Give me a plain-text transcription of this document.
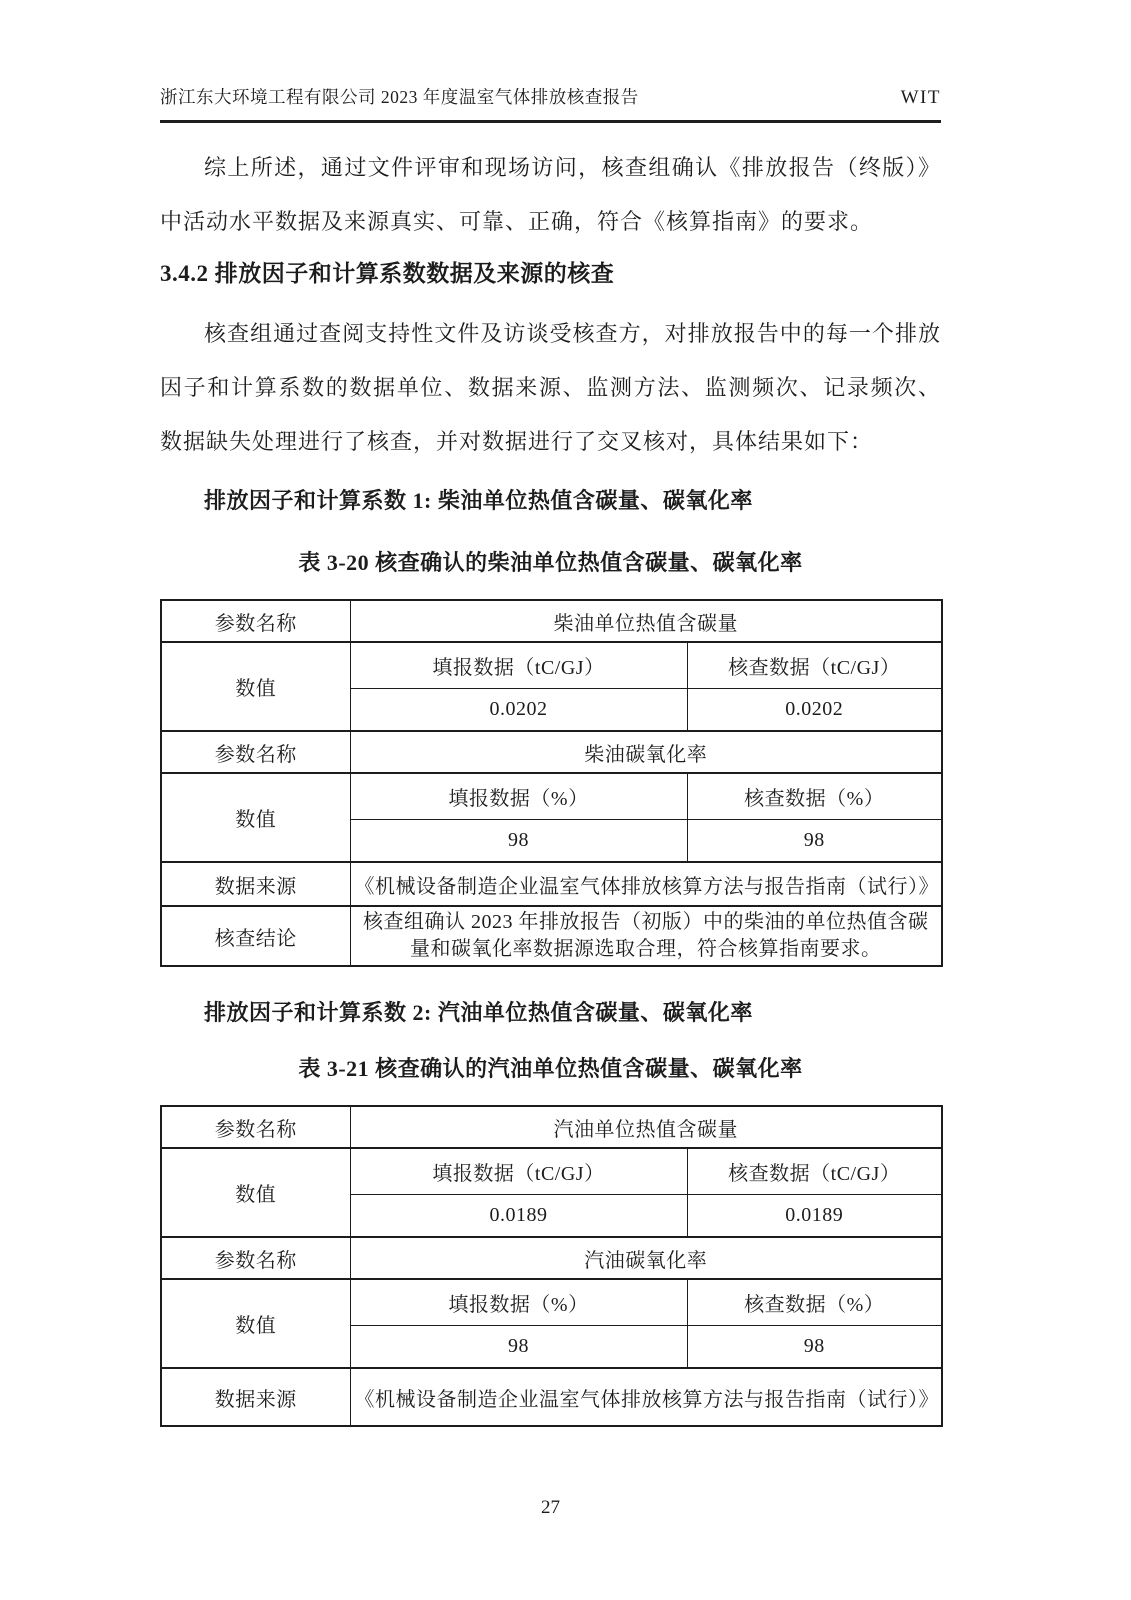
浙江东大环境工程有限公司 2023 年度温室气体排放核查报告	WIT

综上所述，通过文件评审和现场访问，核查组确认《排放报告（终版）》中活动水平数据及来源真实、可靠、正确，符合《核算指南》的要求。

3.4.2 排放因子和计算系数数据及来源的核查

核查组通过查阅支持性文件及访谈受核查方，对排放报告中的每一个排放因子和计算系数的数据单位、数据来源、监测方法、监测频次、记录频次、数据缺失处理进行了核查，并对数据进行了交叉核对，具体结果如下：

排放因子和计算系数 1: 柴油单位热值含碳量、碳氧化率

表 3-20 核查确认的柴油单位热值含碳量、碳氧化率

参数名称	柴油单位热值含碳量	
数值	填报数据（tC/GJ）	核查数据（tC/GJ）
	0.0202	0.0202
参数名称	柴油碳氧化率	
数值	填报数据（%）	核查数据（%）
	98	98
数据来源	《机械设备制造企业温室气体排放核算方法与报告指南（试行）》	
核查结论	核查组确认 2023 年排放报告（初版）中的柴油的单位热值含碳量和碳氧化率数据源选取合理，符合核算指南要求。	

排放因子和计算系数 2: 汽油单位热值含碳量、碳氧化率

表 3-21 核查确认的汽油单位热值含碳量、碳氧化率

参数名称	汽油单位热值含碳量	
数值	填报数据（tC/GJ）	核查数据（tC/GJ）
	0.0189	0.0189
参数名称	汽油碳氧化率	
数值	填报数据（%）	核查数据（%）
	98	98
数据来源	《机械设备制造企业温室气体排放核算方法与报告指南（试行）》	
27
